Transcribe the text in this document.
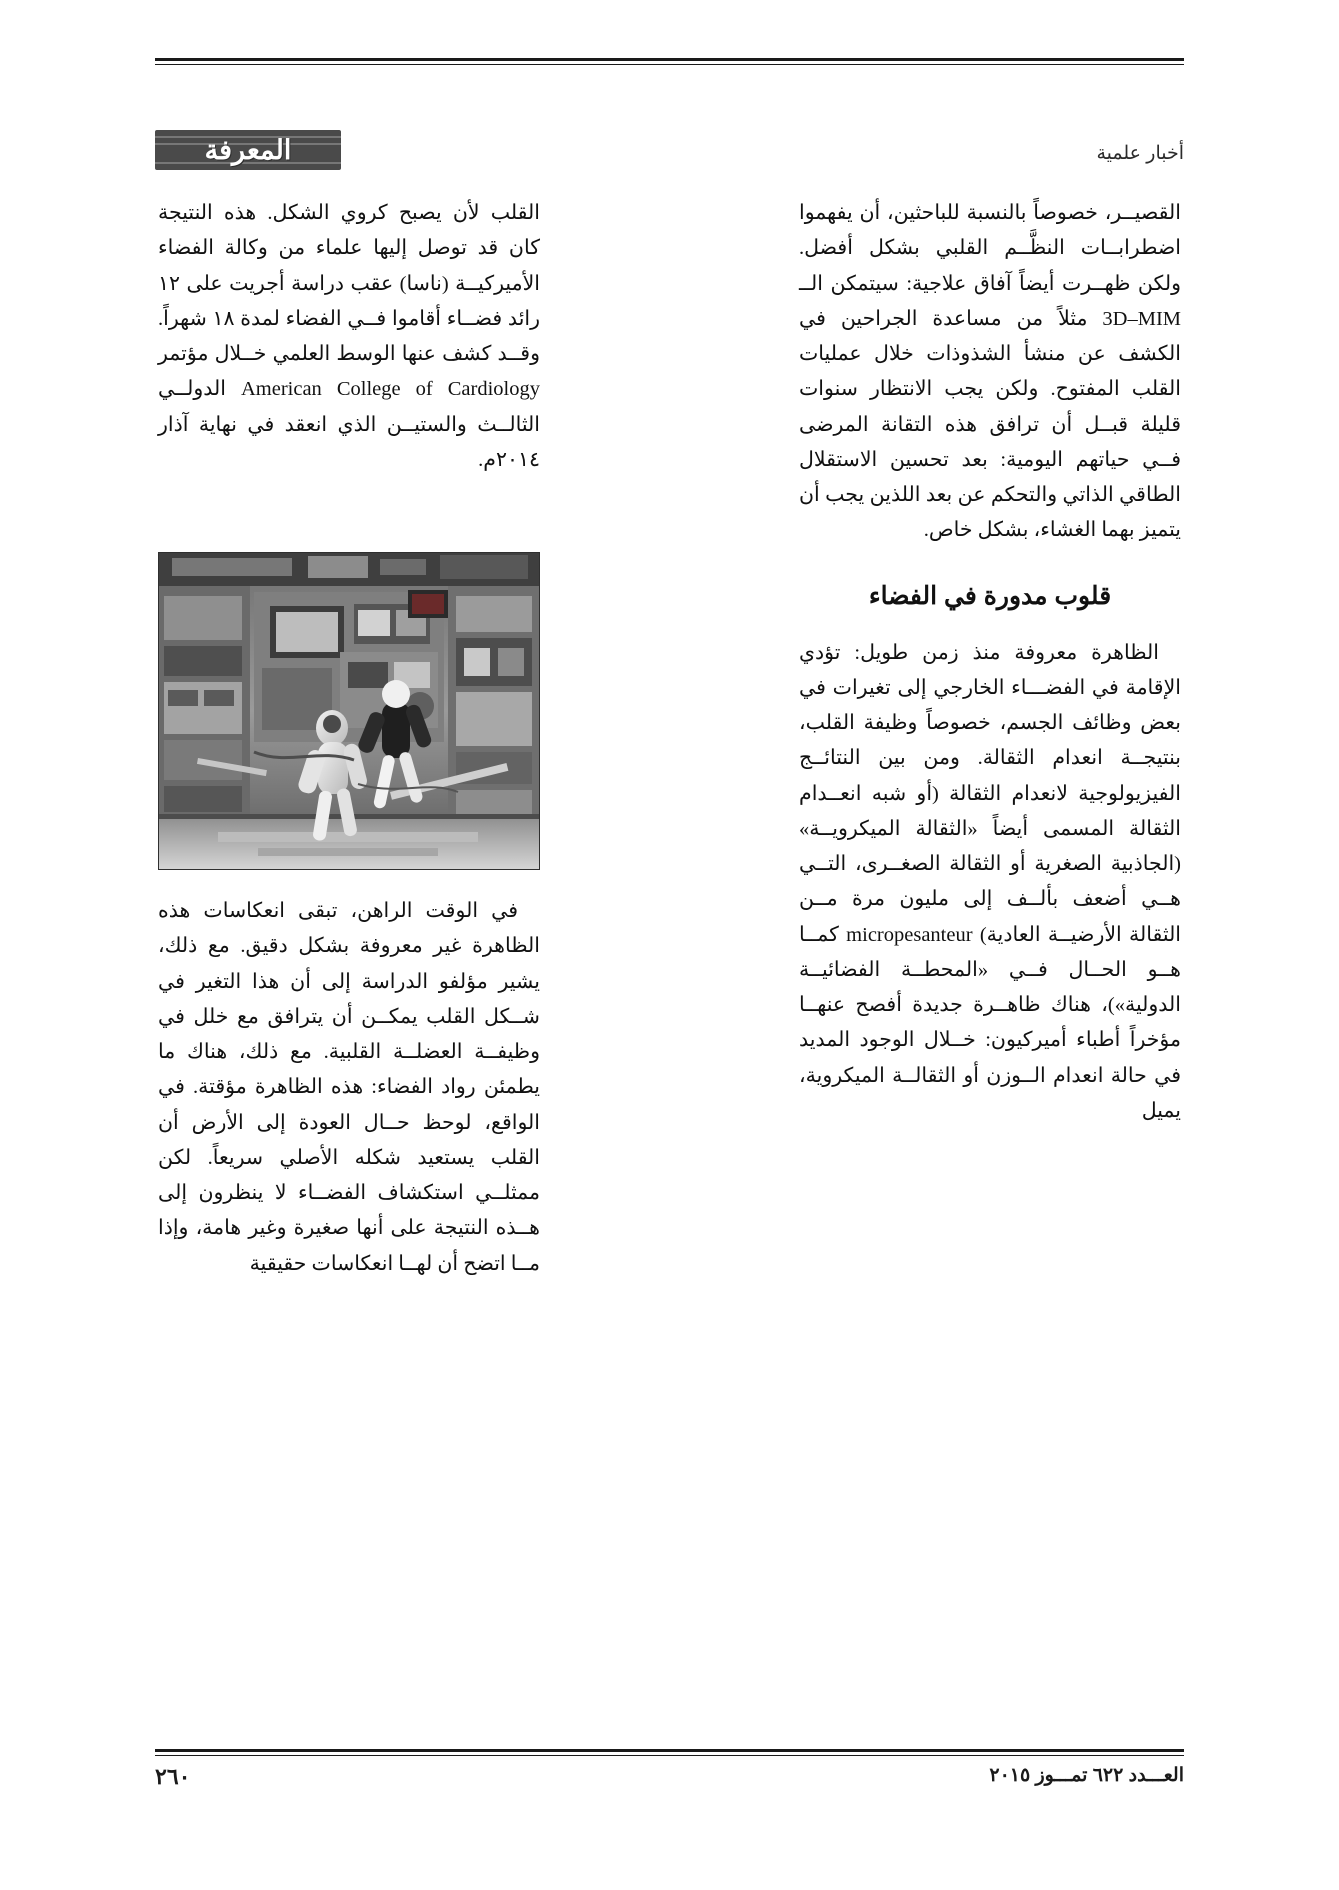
أخبار علمية
المعرفة

القصيــر، خصوصاً بالنسبة للباحثين، أن يفهموا اضطرابــات النظَّــم القلبي بشكل أفضل. ولكن ظهــرت أيضاً آفاق علاجية: سيتمكن الــ 3D–MIM مثلاً من مساعدة الجراحين في الكشف عن منشأ الشذوذات خلال عمليات القلب المفتوح. ولكن يجب الانتظار سنوات قليلة قبــل أن ترافق هذه التقانة المرضى فــي حياتهم اليومية: بعد تحسين الاستقلال الطاقي الذاتي والتحكم عن بعد اللذين يجب أن يتميز بهما الغشاء، بشكل خاص.

قلوب مدورة في الفضاء

الظاهرة معروفة منذ زمن طويل: تؤدي الإقامة في الفضـــاء الخارجي إلى تغيرات في بعض وظائف الجسم، خصوصاً وظيفة القلب، بنتيجــة انعدام الثقالة. ومن بين النتائــج الفيزيولوجية لانعدام الثقالة (أو شبه انعــدام الثقالة المسمى أيضاً «الثقالة الميكرويــة» (الجاذبية الصغرية أو الثقالة الصغــرى، التــي هــي أضعف بألــف إلى مليون مرة مــن الثقالة الأرضيــة العادية) micropesanteur كمــا هــو الحــال فــي «المحطــة الفضائيــة الدولية»)، هناك ظاهــرة جديدة أفصح عنهــا مؤخراً أطباء أميركيون: خــلال الوجود المديد في حالة انعدام الــوزن أو الثقالــة الميكروية، يميل

القلب لأن يصبح كروي الشكل. هذه النتيجة كان قد توصل إليها علماء من وكالة الفضاء الأميركيــة (ناسا) عقب دراسة أجريت على ١٢ رائد فضــاء أقاموا فــي الفضاء لمدة ١٨ شهراً. وقــد كشف عنها الوسط العلمي خــلال مؤتمر American College of Cardiology الدولــي الثالــث والستيــن الذي انعقد في نهاية آذار ٢٠١٤م.

في الوقت الراهن، تبقى انعكاسات هذه الظاهرة غير معروفة بشكل دقيق. مع ذلك، يشير مؤلفو الدراسة إلى أن هذا التغير في شــكل القلب يمكــن أن يترافق مع خلل في وظيفــة العضلــة القلبية. مع ذلك، هناك ما يطمئن رواد الفضاء: هذه الظاهرة مؤقتة. في الواقع، لوحظ حــال العودة إلى الأرض أن القلب يستعيد شكله الأصلي سريعاً. لكن ممثلــي استكشاف الفضــاء لا ينظرون إلى هــذه النتيجة على أنها صغيرة وغير هامة، وإذا مــا اتضح أن لهــا انعكاسات حقيقية

العـــدد ٦٢٢ تمـــوز ٢٠١٥
٢٦٠
